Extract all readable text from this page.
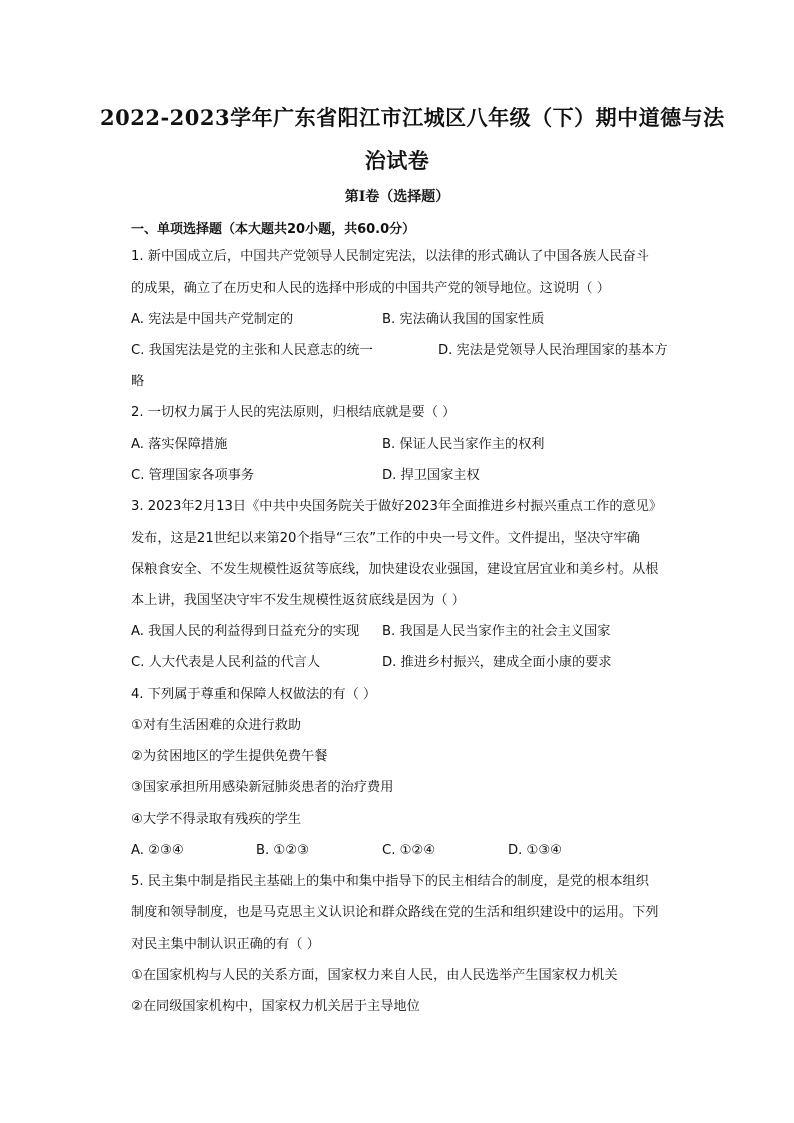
2022-2023学年广东省阳江市江城区八年级（下）期中道德与法
治试卷
第I卷（选择题）
一、单项选择题（本大题共20小题，共60.0分）
1. 新中国成立后，中国共产党领导人民制定宪法，以法律的形式确认了中国各族人民奋斗
的成果，确立了在历史和人民的选择中形成的中国共产党的领导地位。这说明（ ）
A. 宪法是中国共产党制定的	B. 宪法确认我国的国家性质
C. 我国宪法是党的主张和人民意志的统一	D. 宪法是党领导人民治理国家的基本方
略
2. 一切权力属于人民的宪法原则，归根结底就是要（ ）
A. 落实保障措施	B. 保证人民当家作主的权利
C. 管理国家各项事务	D. 捍卫国家主权
3. 2023年2月13日《中共中央国务院关于做好2023年全面推进乡村振兴重点工作的意见》
发布，这是21世纪以来第20个指导“三农”工作的中央一号文件。文件提出，坚决守牢确
保粮食安全、不发生规模性返贫等底线，加快建设农业强国，建设宜居宜业和美乡村。从根
本上讲，我国坚决守牢不发生规模性返贫底线是因为（ ）
A. 我国人民的利益得到日益充分的实现 B. 我国是人民当家作主的社会主义国家
C. 人大代表是人民利益的代言人	D. 推进乡村振兴，建成全面小康的要求
4. 下列属于尊重和保障人权做法的有（ ）
①对有生活困难的众进行救助
②为贫困地区的学生提供免费午餐
③国家承担所用感染新冠肺炎患者的治疗费用
④大学不得录取有残疾的学生
A. ②③④	B. ①②③	C. ①②④	D. ①③④
5. 民主集中制是指民主基础上的集中和集中指导下的民主相结合的制度，是党的根本组织
制度和领导制度，也是马克思主义认识论和群众路线在党的生活和组织建设中的运用。下列
对民主集中制认识正确的有（ ）
①在国家机构与人民的关系方面，国家权力来自人民，由人民选举产生国家权力机关
②在同级国家机构中，国家权力机关居于主导地位
